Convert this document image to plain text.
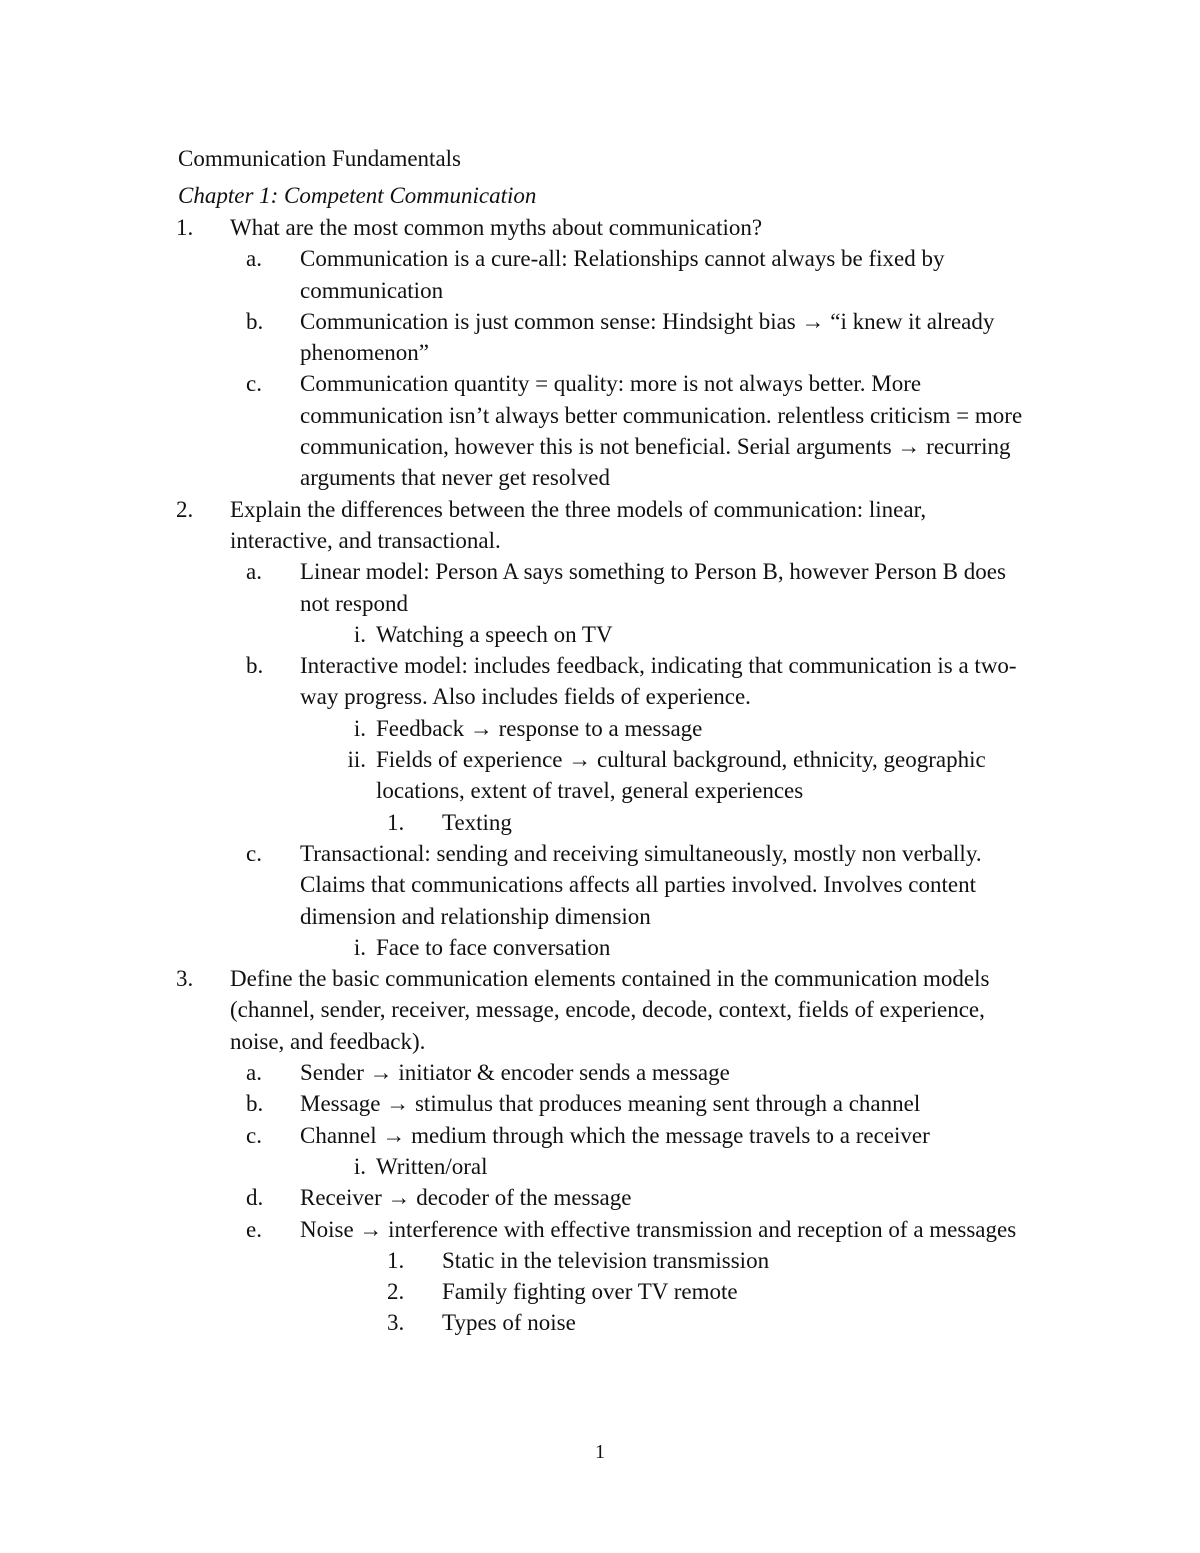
Communication Fundamentals
Chapter 1: Competent Communication
1. What are the most common myths about communication?
a. Communication is a cure-all: Relationships cannot always be fixed by communication
b. Communication is just common sense: Hindsight bias → “i knew it already phenomenon”
c. Communication quantity = quality: more is not always better. More communication isn’t always better communication. relentless criticism = more communication, however this is not beneficial. Serial arguments → recurring arguments that never get resolved
2. Explain the differences between the three models of communication: linear, interactive, and transactional.
a. Linear model: Person A says something to Person B, however Person B does not respond
i. Watching a speech on TV
b. Interactive model: includes feedback, indicating that communication is a two-way progress. Also includes fields of experience.
i. Feedback → response to a message
ii. Fields of experience → cultural background, ethnicity, geographic locations, extent of travel, general experiences
1. Texting
c. Transactional: sending and receiving simultaneously, mostly non verbally. Claims that communications affects all parties involved. Involves content dimension and relationship dimension
i. Face to face conversation
3. Define the basic communication elements contained in the communication models (channel, sender, receiver, message, encode, decode, context, fields of experience, noise, and feedback).
a. Sender → initiator & encoder sends a message
b. Message → stimulus that produces meaning sent through a channel
c. Channel → medium through which the message travels to a receiver
i. Written/oral
d. Receiver → decoder of the message
e. Noise → interference with effective transmission and reception of a messages
1. Static in the television transmission
2. Family fighting over TV remote
3. Types of noise
1
